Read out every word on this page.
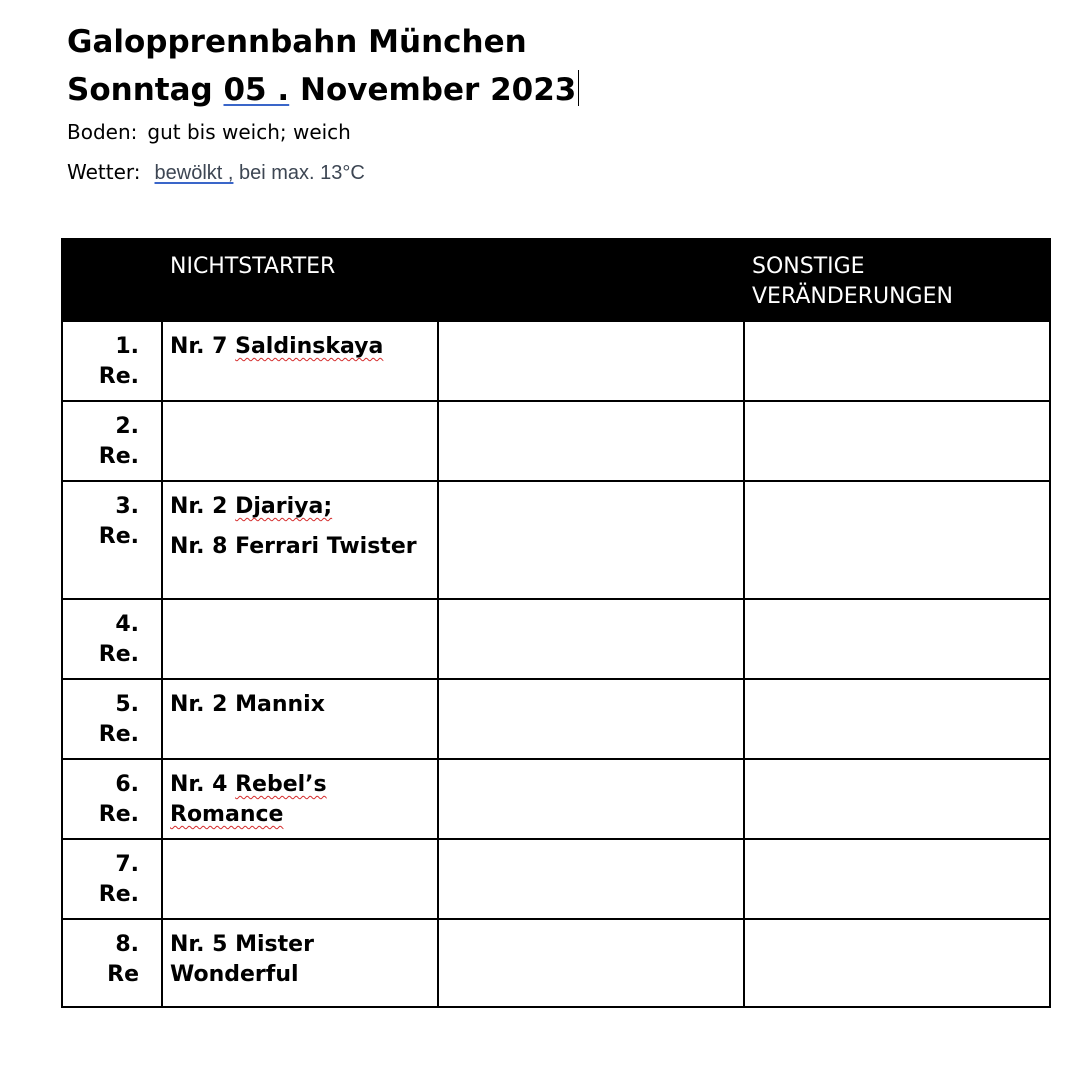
Galopprennbahn München
Sonntag 05 . November 2023
Boden: gut bis weich; weich
Wetter: bewölkt , bei max. 13°C

	NICHTSTARTER		SONSTIGE VERÄNDERUNGEN

1.
Re.	Nr. 7 Saldinskaya		

2.
Re.			

3.
Re.	Nr. 2 Djariya;
Nr. 8 Ferrari Twister		

4.
Re.			

5.
Re.	Nr. 2 Mannix		

6.
Re.	Nr. 4 Rebel’s Romance		

7.
Re.			

8.
Re	Nr. 5 Mister Wonderful		
